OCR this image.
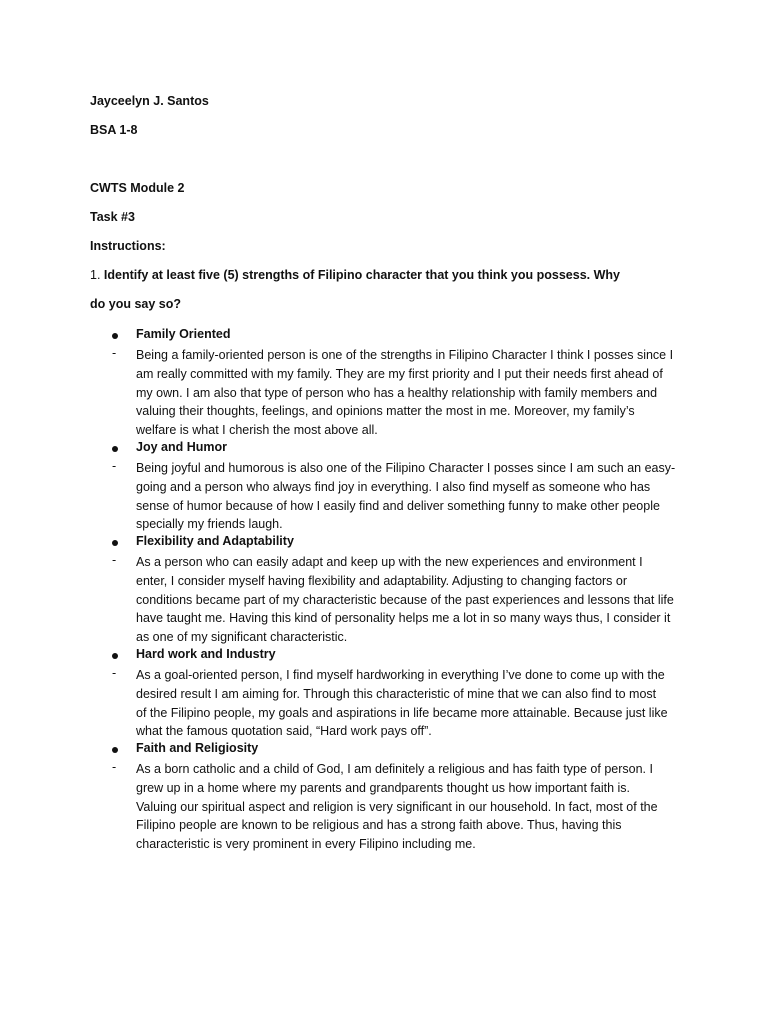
Jayceelyn J. Santos
BSA 1-8
CWTS Module 2
Task #3
Instructions:
1. Identify at least five (5) strengths of Filipino character that you think you possess. Why
do you say so?
Family Oriented
- Being a family-oriented person is one of the strengths in Filipino Character I think I posses since I
am really committed with my family. They are my first priority and I put their needs first ahead of
my own. I am also that type of person who has a healthy relationship with family members and
valuing their thoughts, feelings, and opinions matter the most in me. Moreover, my family’s
welfare is what I cherish the most above all.
Joy and Humor
- Being joyful and humorous is also one of the Filipino Character I posses since I am such an easy-
going and a person who always find joy in everything. I also find myself as someone who has
sense of humor because of how I easily find and deliver something funny to make other people
specially my friends laugh.
Flexibility and Adaptability
- As a person who can easily adapt and keep up with the new experiences and environment I
enter, I consider myself having flexibility and adaptability. Adjusting to changing factors or
conditions became part of my characteristic because of the past experiences and lessons that life
have taught me. Having this kind of personality helps me a lot in so many ways thus, I consider it
as one of my significant characteristic.
Hard work and Industry
- As a goal-oriented person, I find myself hardworking in everything I’ve done to come up with the
desired result I am aiming for. Through this characteristic of mine that we can also find to most
of the Filipino people, my goals and aspirations in life became more attainable. Because just like
what the famous quotation said, “Hard work pays off”.
Faith and Religiosity
- As a born catholic and a child of God, I am definitely a religious and has faith type of person. I
grew up in a home where my parents and grandparents thought us how important faith is.
Valuing our spiritual aspect and religion is very significant in our household. In fact, most of the
Filipino people are known to be religious and has a strong faith above. Thus, having this
characteristic is very prominent in every Filipino including me.
